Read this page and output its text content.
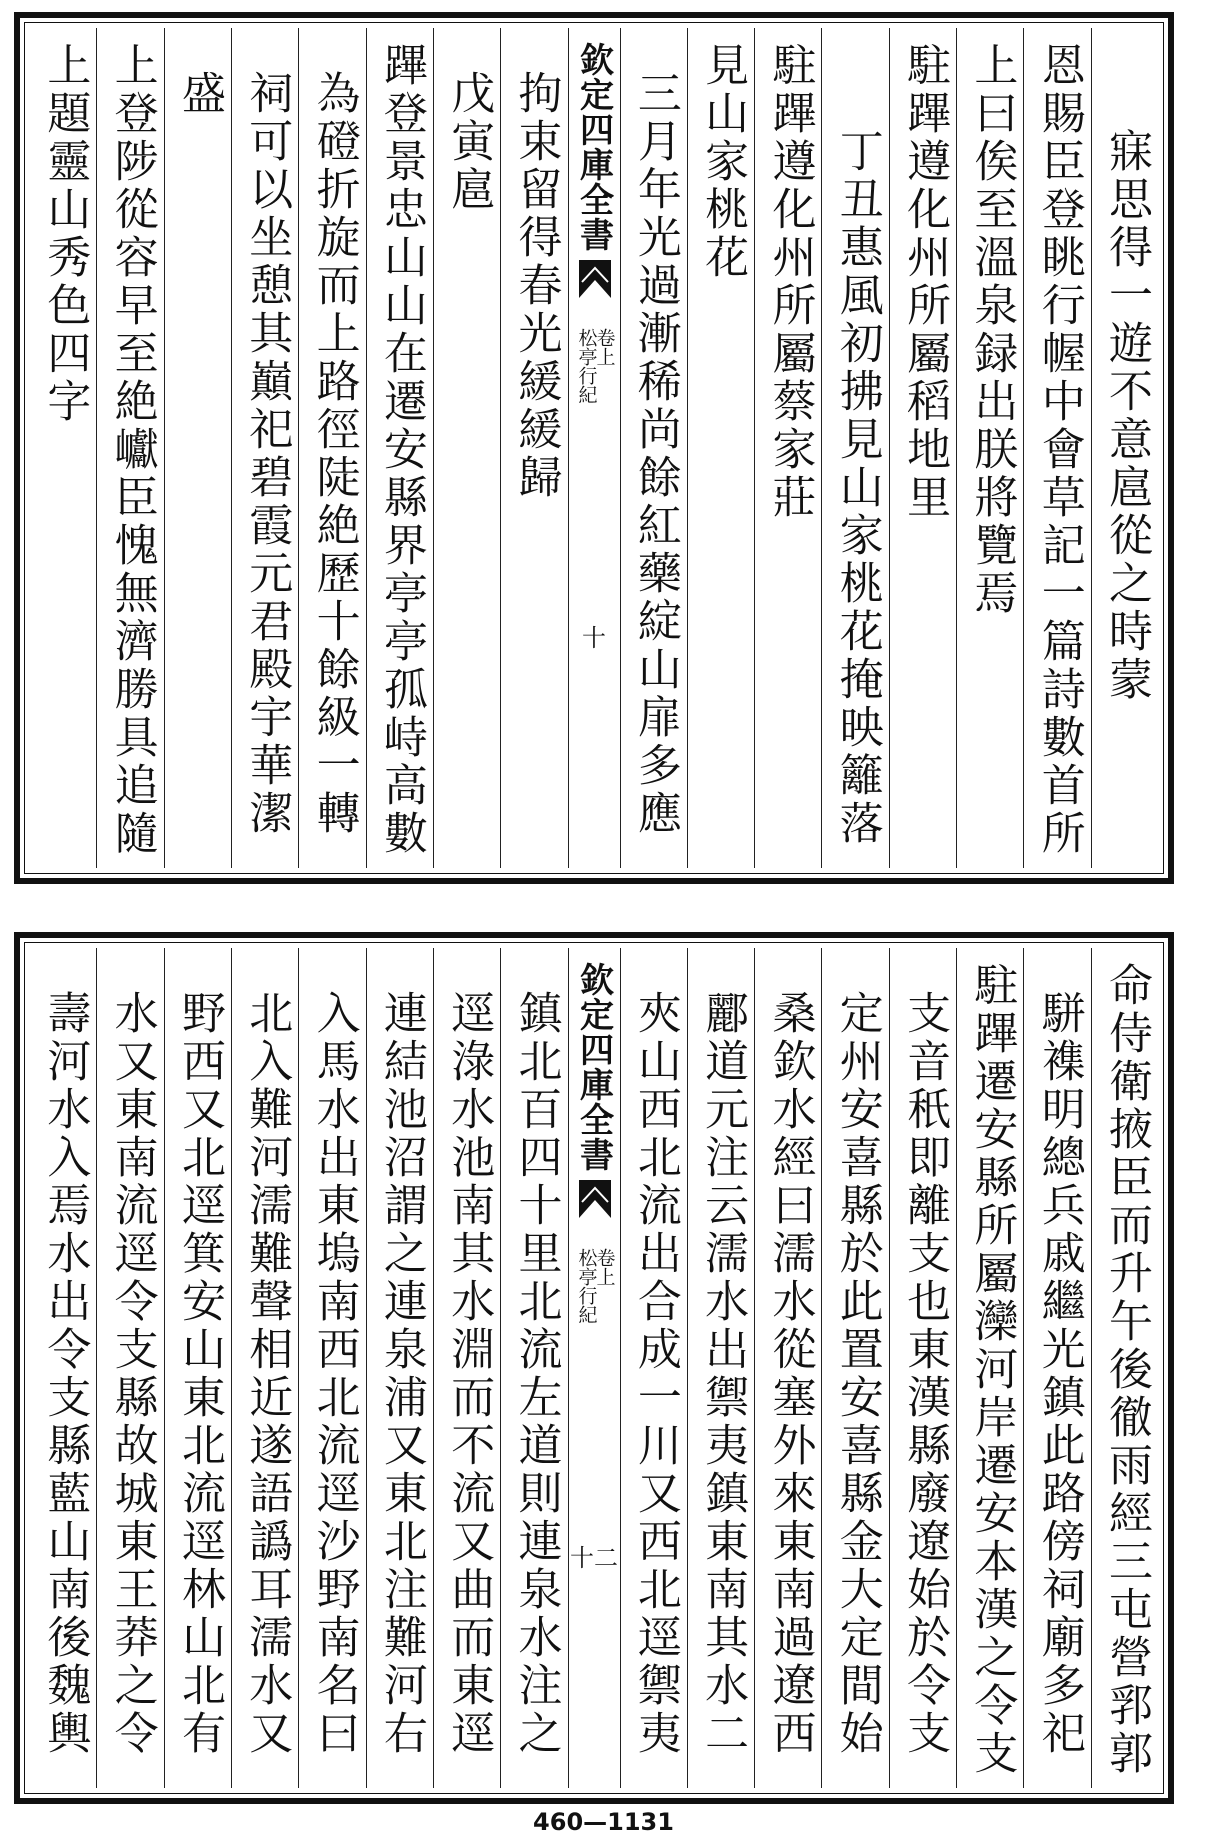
寐思得一遊不意扈從之時蒙
恩賜臣登眺行幄中會草記一篇詩數首所
上曰俟至溫泉録出朕將覽焉
駐蹕遵化州所屬稻地里
丁丑惠風初拂見山家桃花掩映籬落
駐蹕遵化州所屬蔡家莊
見山家桃花
三月年光過漸稀尚餘紅藥綻山扉多應
欽定四庫全書
松亭行紀
卷上
十
拘束留得春光緩緩歸
戊寅扈
蹕登景忠山山在遷安縣界亭亭孤峙高數
為磴折旋而上路徑陡絶歷十餘級一轉
祠可以坐憩其巔祀碧霞元君殿宇華潔
盛
上登陟從容早至絶巘臣愧無濟勝具追隨
上題靈山秀色四字
命侍衛掖臣而升午後徹雨經三屯營郛郭
駢襍明總兵戚繼光鎮此路傍祠廟多祀
駐蹕遷安縣所屬灤河岸遷安本漢之令支
支音秖即離支也東漢縣廢遼始於令支
定州安喜縣於此置安喜縣金大定間始
桑欽水經曰濡水從塞外來東南過遼西
酈道元注云濡水出禦夷鎮東南其水二
夾山西北流出合成一川又西北逕禦夷
欽定四庫全書
松亭行紀
卷上
十二
鎮北百四十里北流左道則連泉水注之
逕淥水池南其水淵而不流又曲而東逕
連結池沼謂之連泉浦又東北注難河右
入馬水出東塢南西北流逕沙野南名曰
北入難河濡難聲相近遂語譌耳濡水又
野西又北逕箕安山東北流逕林山北有
水又東南流逕令支縣故城東王莽之令
壽河水入焉水出令支縣藍山南後魏輿
460—1131
